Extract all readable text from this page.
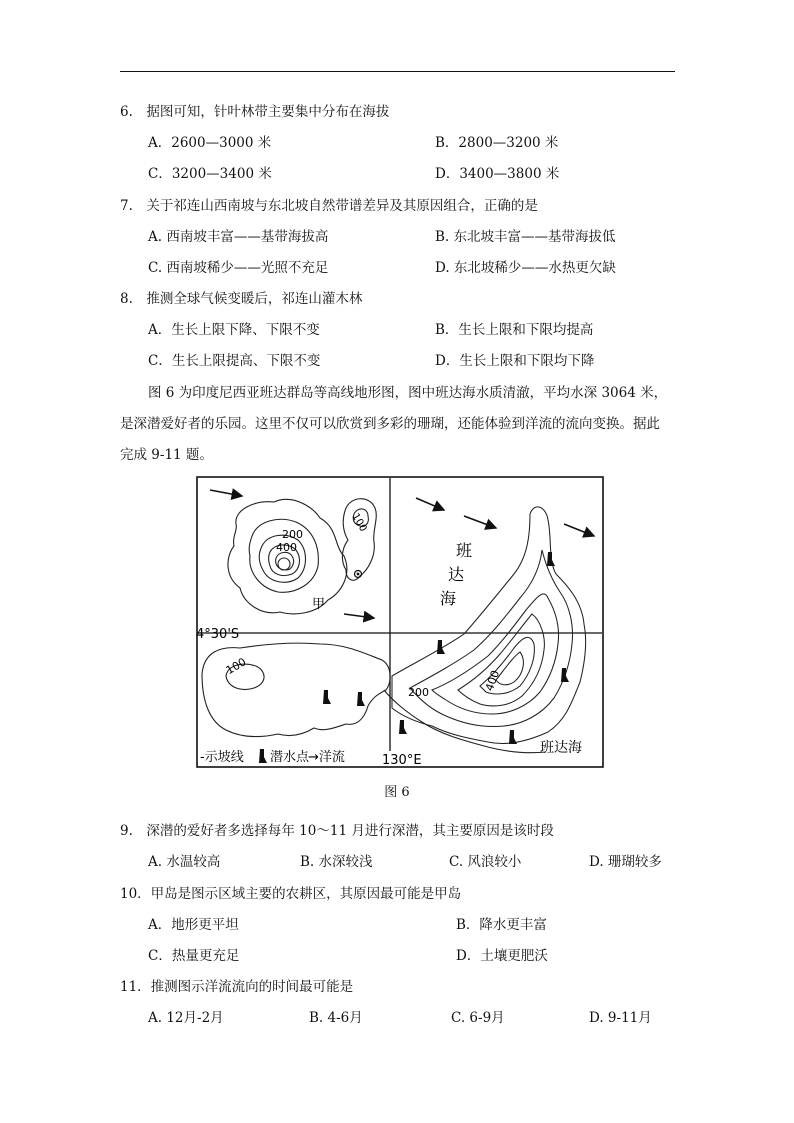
6.　据图可知，针叶林带主要集中分布在海拔
A．2600—3000 米	B．2800—3200 米
C．3200—3400 米	D．3400—3800 米
7.　关于祁连山西南坡与东北坡自然带谱差异及其原因组合，正确的是
A. 西南坡丰富——基带海拔高	B. 东北坡丰富——基带海拔低
C. 西南坡稀少——光照不充足	D. 东北坡稀少——水热更欠缺
8.　推测全球气候变暖后，祁连山灌木林
A．生长上限下降、下限不变	B．生长上限和下限均提高
C．生长上限提高、下限不变	D．生长上限和下限均下降
图 6 为印度尼西亚班达群岛等高线地形图，图中班达海水质清澈，平均水深 3064 米，
是深潜爱好者的乐园。这里不仅可以欣赏到多彩的珊瑚，还能体验到洋流的流向变换。据此
完成 9-11 题。
200
400
甲
100
200	400
100
4°30'S
130°E
班
达
海
班达海
-示坡线 潜水点
→洋流
图 6
9.　深潜的爱好者多选择每年 10～11 月进行深潜，其主要原因是该时段
A. 水温较高	B. 水深较浅	C. 风浪较小	D. 珊瑚较多
10．甲岛是图示区域主要的农耕区，其原因最可能是甲岛
A．地形更平坦	B．降水更丰富
C．热量更充足	D．土壤更肥沃
11．推测图示洋流流向的时间最可能是
A. 12月-2月	B. 4-6月	C. 6-9月	D. 9-11月
